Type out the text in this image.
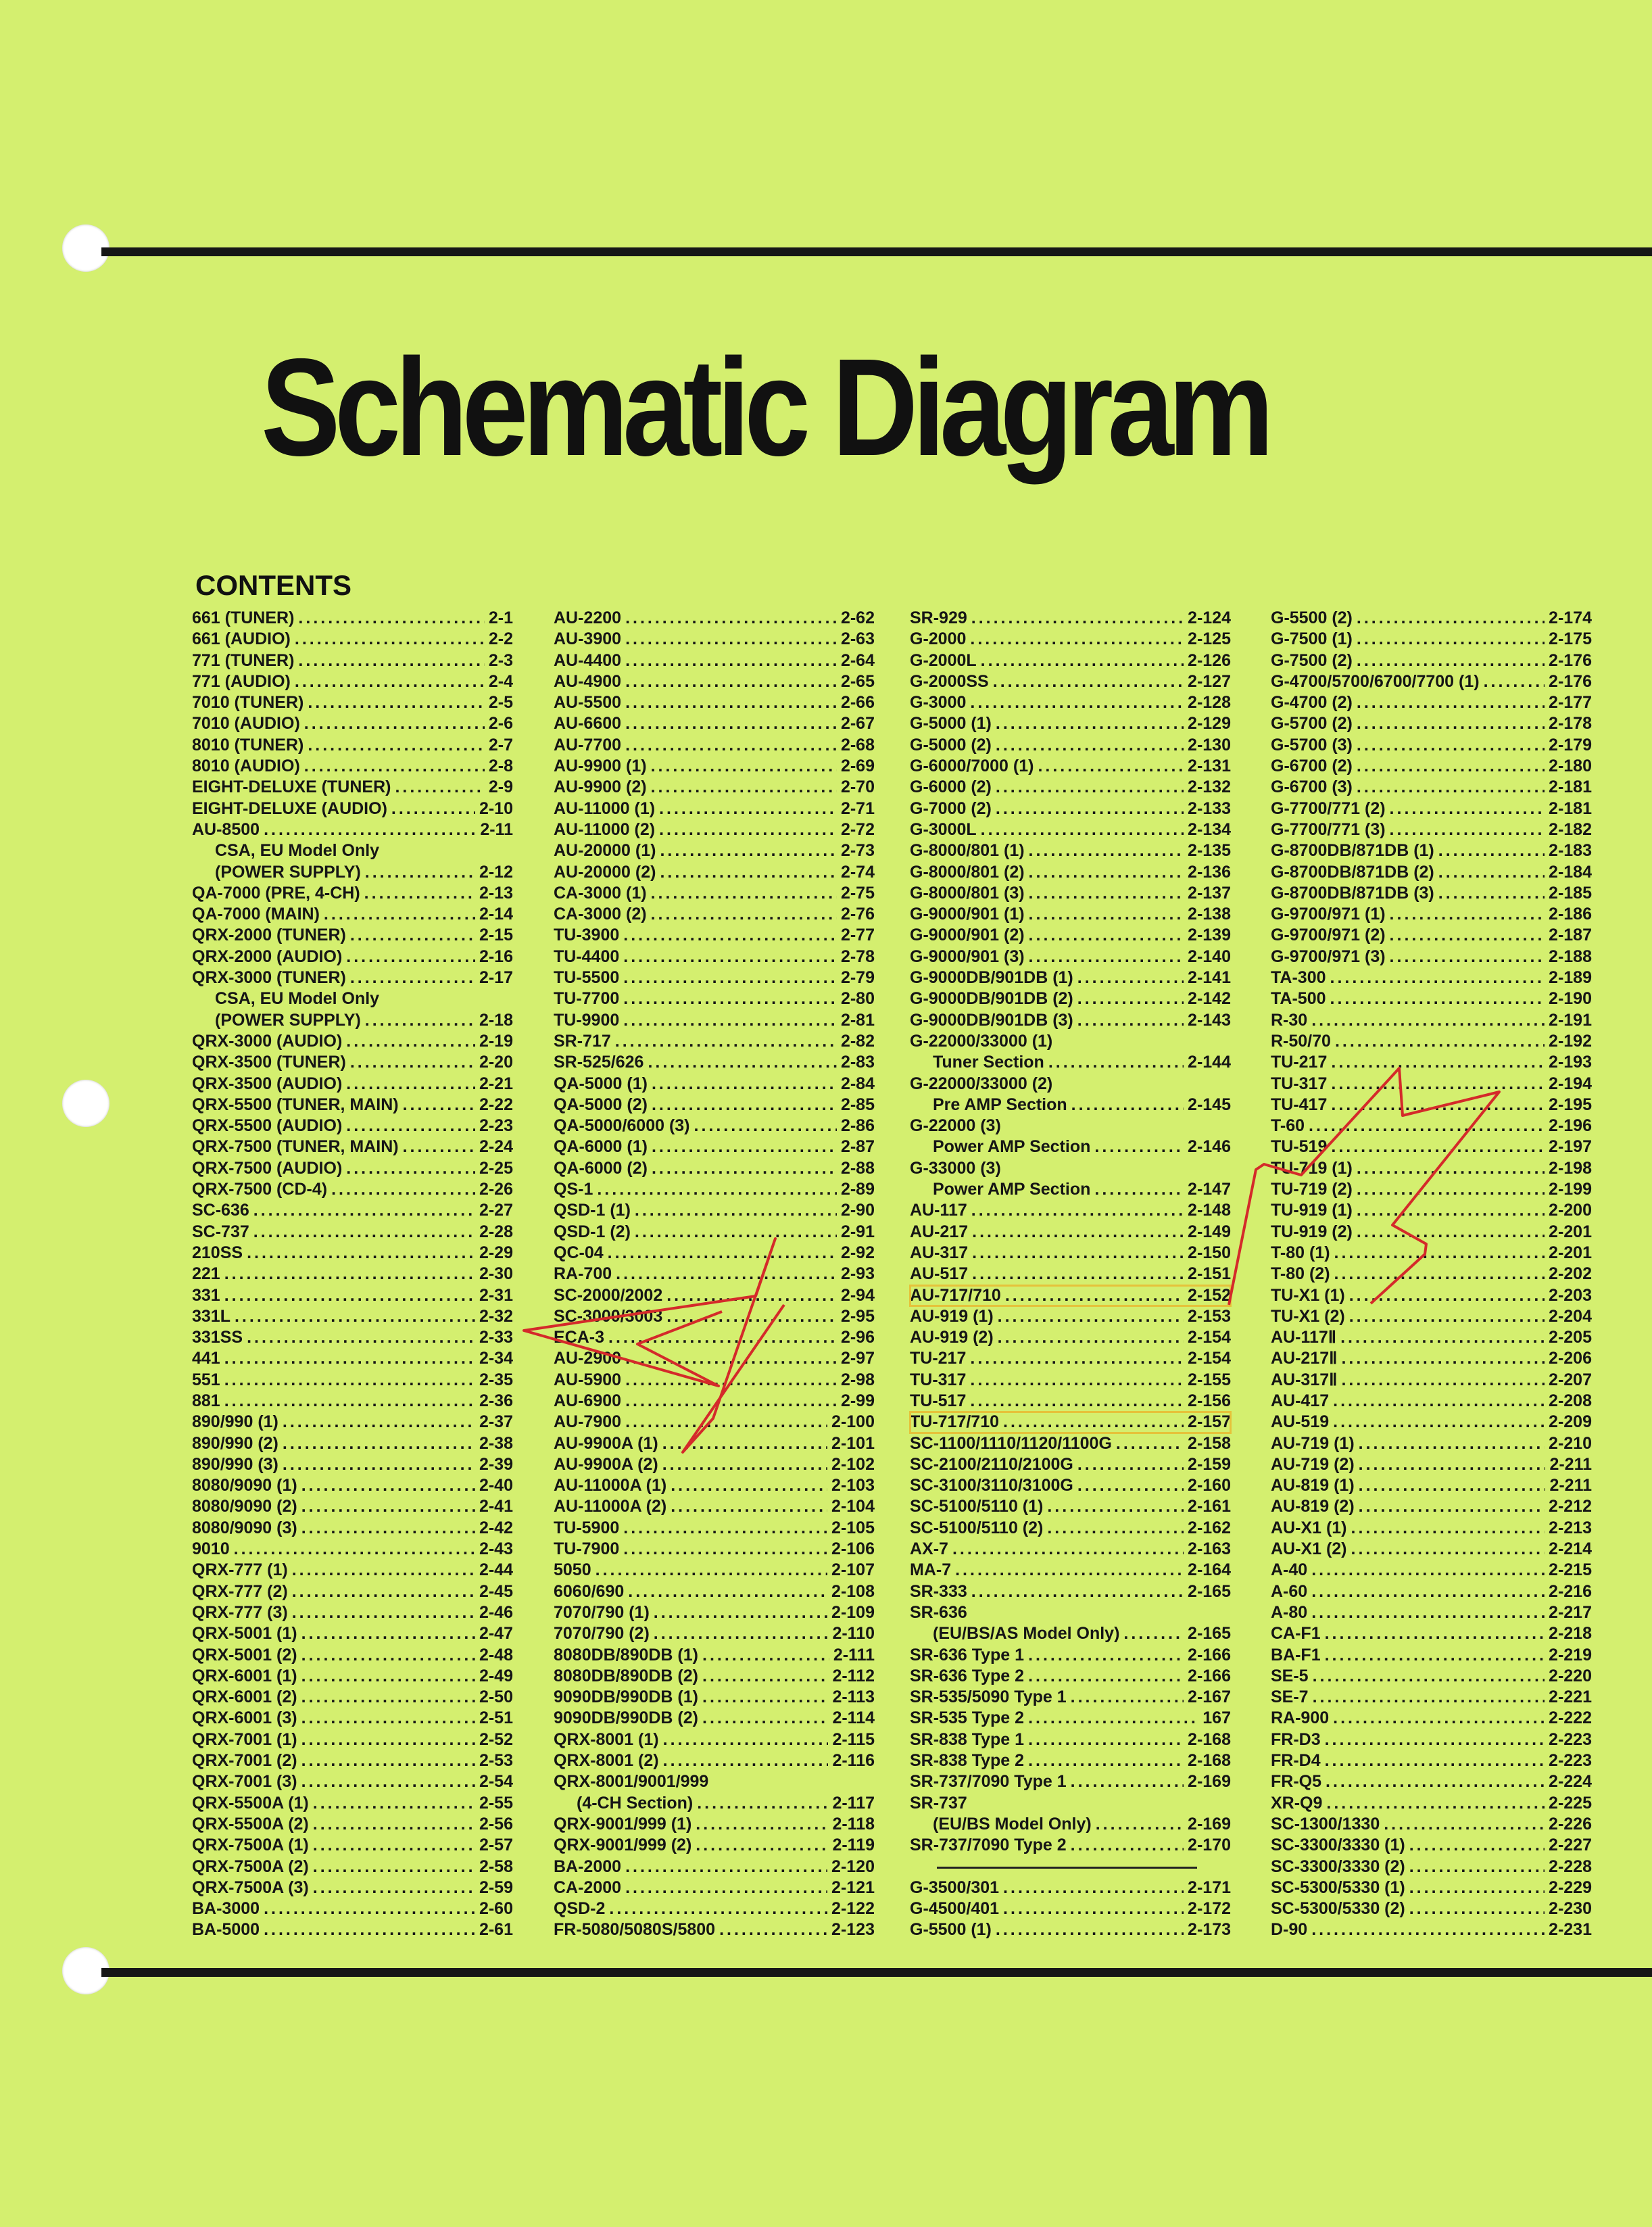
Schematic Diagram
CONTENTS
661 (TUNER) .....	2-1
661 (AUDIO) .....	2-2
771 (TUNER) .....	2-3
771 (AUDIO) .....	2-4
7010 (TUNER) .....	2-5
7010 (AUDIO) .....	2-6
8010 (TUNER) .....	2-7
8010 (AUDIO) .....	2-8
EIGHT-DELUXE (TUNER) .....	2-9
EIGHT-DELUXE (AUDIO) .....	2-10
AU-8500 .....	2-11
CSA, EU Model Only
(POWER SUPPLY) .....	2-12
QA-7000 (PRE, 4-CH) .....	2-13
QA-7000 (MAIN) .....	2-14
QRX-2000 (TUNER) .....	2-15
QRX-2000 (AUDIO) .....	2-16
QRX-3000 (TUNER) .....	2-17
CSA, EU Model Only
(POWER SUPPLY) .....	2-18
QRX-3000 (AUDIO) .....	2-19
QRX-3500 (TUNER) .....	2-20
QRX-3500 (AUDIO) .....	2-21
QRX-5500 (TUNER, MAIN) .....	2-22
QRX-5500 (AUDIO) .....	2-23
QRX-7500 (TUNER, MAIN) .....	2-24
QRX-7500 (AUDIO) .....	2-25
QRX-7500 (CD-4) .....	2-26
SC-636 .....	2-27
SC-737 .....	2-28
210SS .....	2-29
221 .....	2-30
331 .....	2-31
331L .....	2-32
331SS .....	2-33
441 .....	2-34
551 .....	2-35
881 .....	2-36
890/990 (1) .....	2-37
890/990 (2) .....	2-38
890/990 (3) .....	2-39
8080/9090 (1) .....	2-40
8080/9090 (2) .....	2-41
8080/9090 (3) .....	2-42
9010 .....	2-43
QRX-777 (1) .....	2-44
QRX-777 (2) .....	2-45
QRX-777 (3) .....	2-46
QRX-5001 (1) .....	2-47
QRX-5001 (2) .....	2-48
QRX-6001 (1) .....	2-49
QRX-6001 (2) .....	2-50
QRX-6001 (3) .....	2-51
QRX-7001 (1) .....	2-52
QRX-7001 (2) .....	2-53
QRX-7001 (3) .....	2-54
QRX-5500A (1) .....	2-55
QRX-5500A (2) .....	2-56
QRX-7500A (1) .....	2-57
QRX-7500A (2) .....	2-58
QRX-7500A (3) .....	2-59
BA-3000 .....	2-60
BA-5000 .....	2-61
AU-2200 .....	2-62
AU-3900 .....	2-63
AU-4400 .....	2-64
AU-4900 .....	2-65
AU-5500 .....	2-66
AU-6600 .....	2-67
AU-7700 .....	2-68
AU-9900 (1) .....	2-69
AU-9900 (2) .....	2-70
AU-11000 (1) .....	2-71
AU-11000 (2) .....	2-72
AU-20000 (1) .....	2-73
AU-20000 (2) .....	2-74
CA-3000 (1) .....	2-75
CA-3000 (2) .....	2-76
TU-3900 .....	2-77
TU-4400 .....	2-78
TU-5500 .....	2-79
TU-7700 .....	2-80
TU-9900 .....	2-81
SR-717 .....	2-82
SR-525/626 .....	2-83
QA-5000 (1) .....	2-84
QA-5000 (2) .....	2-85
QA-5000/6000 (3) .....	2-86
QA-6000 (1) .....	2-87
QA-6000 (2) .....	2-88
QS-1 .....	2-89
QSD-1 (1) .....	2-90
QSD-1 (2) .....	2-91
QC-04 .....	2-92
RA-700 .....	2-93
SC-2000/2002 .....	2-94
SC-3000/3003 .....	2-95
ECA-3 .....	2-96
AU-2900 .....	2-97
AU-5900 .....	2-98
AU-6900 .....	2-99
AU-7900 .....	2-100
AU-9900A (1) .....	2-101
AU-9900A (2) .....	2-102
AU-11000A (1) .....	2-103
AU-11000A (2) .....	2-104
TU-5900 .....	2-105
TU-7900 .....	2-106
5050 .....	2-107
6060/690 .....	2-108
7070/790 (1) .....	2-109
7070/790 (2) .....	2-110
8080DB/890DB (1) .....	2-111
8080DB/890DB (2) .....	2-112
9090DB/990DB (1) .....	2-113
9090DB/990DB (2) .....	2-114
QRX-8001 (1) .....	2-115
QRX-8001 (2) .....	2-116
QRX-8001/9001/999
(4-CH Section) .....	2-117
QRX-9001/999 (1) .....	2-118
QRX-9001/999 (2) .....	2-119
BA-2000 .....	2-120
CA-2000 .....	2-121
QSD-2 .....	2-122
FR-5080/5080S/5800 .....	2-123
SR-929 .....	2-124
G-2000 .....	2-125
G-2000L .....	2-126
G-2000SS .....	2-127
G-3000 .....	2-128
G-5000 (1) .....	2-129
G-5000 (2) .....	2-130
G-6000/7000 (1) .....	2-131
G-6000 (2) .....	2-132
G-7000 (2) .....	2-133
G-3000L .....	2-134
G-8000/801 (1) .....	2-135
G-8000/801 (2) .....	2-136
G-8000/801 (3) .....	2-137
G-9000/901 (1) .....	2-138
G-9000/901 (2) .....	2-139
G-9000/901 (3) .....	2-140
G-9000DB/901DB (1) .....	2-141
G-9000DB/901DB (2) .....	2-142
G-9000DB/901DB (3) .....	2-143
G-22000/33000 (1)
Tuner Section .....	2-144
G-22000/33000 (2)
Pre AMP Section .....	2-145
G-22000 (3)
Power AMP Section .....	2-146
G-33000 (3)
Power AMP Section .....	2-147
AU-117 .....	2-148
AU-217 .....	2-149
AU-317 .....	2-150
AU-517 .....	2-151
AU-717/710 .....	2-152
AU-919 (1) .....	2-153
AU-919 (2) .....	2-154
TU-217 .....	2-154
TU-317 .....	2-155
TU-517 .....	2-156
TU-717/710 .....	2-157
SC-1100/1110/1120/1100G .....	2-158
SC-2100/2110/2100G .....	2-159
SC-3100/3110/3100G .....	2-160
SC-5100/5110 (1) .....	2-161
SC-5100/5110 (2) .....	2-162
AX-7 .....	2-163
MA-7 .....	2-164
SR-333 .....	2-165
SR-636
(EU/BS/AS Model Only) .....	2-165
SR-636 Type 1 .....	2-166
SR-636 Type 2 .....	2-166
SR-535/5090 Type 1 .....	2-167
SR-535 Type 2 .....	167
SR-838 Type 1 .....	2-168
SR-838 Type 2 .....	2-168
SR-737/7090 Type 1 .....	2-169
SR-737
(EU/BS Model Only) .....	2-169
SR-737/7090 Type 2 .....	2-170
G-3500/301 .....	2-171
G-4500/401 .....	2-172
G-5500 (1) .....	2-173
G-5500 (2) .....	2-174
G-7500 (1) .....	2-175
G-7500 (2) .....	2-176
G-4700/5700/6700/7700 (1) .....	2-176
G-4700 (2) .....	2-177
G-5700 (2) .....	2-178
G-5700 (3) .....	2-179
G-6700 (2) .....	2-180
G-6700 (3) .....	2-181
G-7700/771 (2) .....	2-181
G-7700/771 (3) .....	2-182
G-8700DB/871DB (1) .....	2-183
G-8700DB/871DB (2) .....	2-184
G-8700DB/871DB (3) .....	2-185
G-9700/971 (1) .....	2-186
G-9700/971 (2) .....	2-187
G-9700/971 (3) .....	2-188
TA-300 .....	2-189
TA-500 .....	2-190
R-30 .....	2-191
R-50/70 .....	2-192
TU-217 .....	2-193
TU-317 .....	2-194
TU-417 .....	2-195
T-60 .....	2-196
TU-519 .....	2-197
TU-719 (1) .....	2-198
TU-719 (2) .....	2-199
TU-919 (1) .....	2-200
TU-919 (2) .....	2-201
T-80 (1) .....	2-201
T-80 (2) .....	2-202
TU-X1 (1) .....	2-203
TU-X1 (2) .....	2-204
AU-117Ⅱ .....	2-205
AU-217Ⅱ .....	2-206
AU-317Ⅱ .....	2-207
AU-417 .....	2-208
AU-519 .....	2-209
AU-719 (1) .....	2-210
AU-719 (2) .....	2-211
AU-819 (1) .....	2-211
AU-819 (2) .....	2-212
AU-X1 (1) .....	2-213
AU-X1 (2) .....	2-214
A-40 .....	2-215
A-60 .....	2-216
A-80 .....	2-217
CA-F1 .....	2-218
BA-F1 .....	2-219
SE-5 .....	2-220
SE-7 .....	2-221
RA-900 .....	2-222
FR-D3 .....	2-223
FR-D4 .....	2-223
FR-Q5 .....	2-224
XR-Q9 .....	2-225
SC-1300/1330 .....	2-226
SC-3300/3330 (1) .....	2-227
SC-3300/3330 (2) .....	2-228
SC-5300/5330 (1) .....	2-229
SC-5300/5330 (2) .....	2-230
D-90 .....	2-231
